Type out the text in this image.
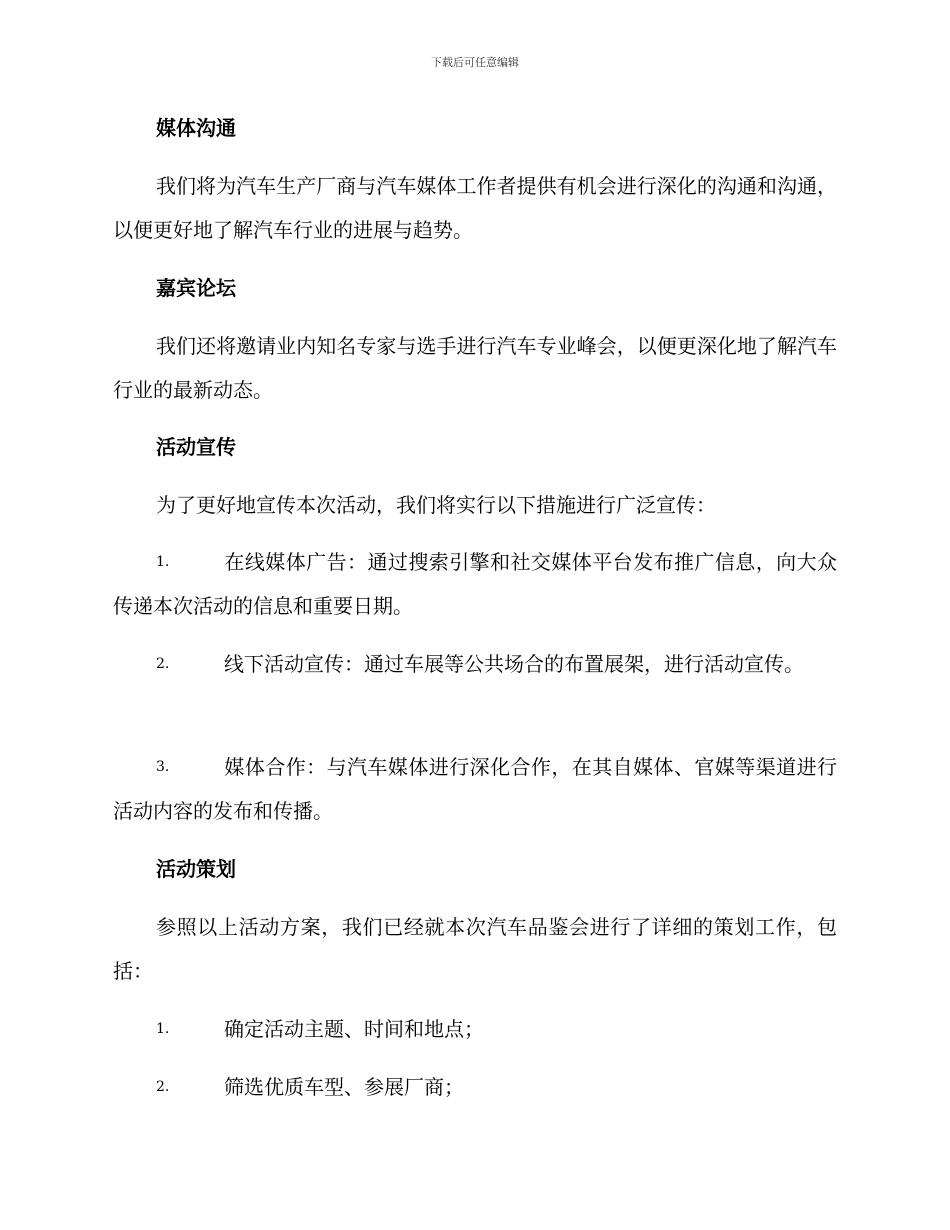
下载后可任意编辑
媒体沟通
我们将为汽车生产厂商与汽车媒体工作者提供有机会进行深化的沟通和沟通，以便更好地了解汽车行业的进展与趋势。
嘉宾论坛
我们还将邀请业内知名专家与选手进行汽车专业峰会，以便更深化地了解汽车行业的最新动态。
活动宣传
为了更好地宣传本次活动，我们将实行以下措施进行广泛宣传：
1.	在线媒体广告：通过搜索引擎和社交媒体平台发布推广信息，向大众传递本次活动的信息和重要日期。
2.	线下活动宣传：通过车展等公共场合的布置展架，进行活动宣传。
3.	媒体合作：与汽车媒体进行深化合作，在其自媒体、官媒等渠道进行活动内容的发布和传播。
活动策划
参照以上活动方案，我们已经就本次汽车品鉴会进行了详细的策划工作，包括：
1.	确定活动主题、时间和地点；
2.	筛选优质车型、参展厂商；
